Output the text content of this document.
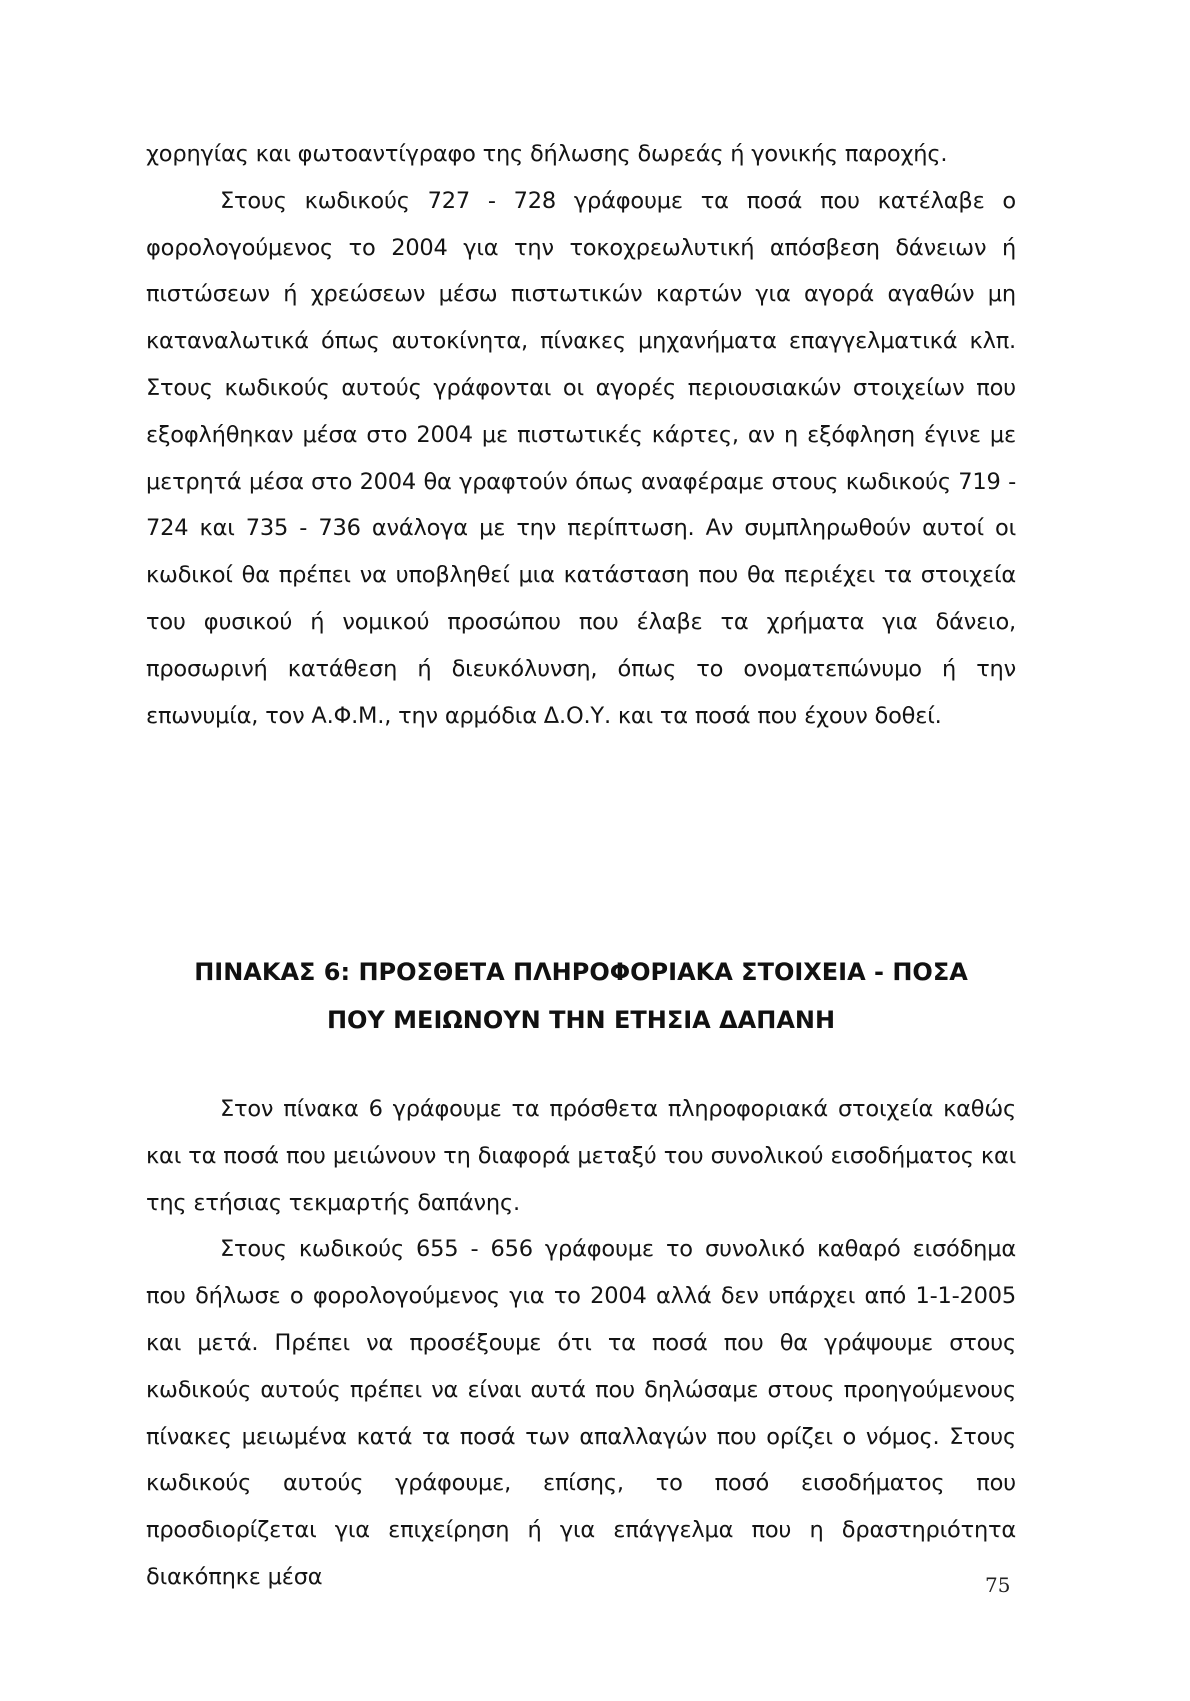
χορηγίας και φωτοαντίγραφο της δήλωσης δωρεάς ή γονικής παροχής.

Στους κωδικούς 727 - 728 γράφουμε τα ποσά που κατέλαβε ο φορολογούμενος το 2004 για την τοκοχρεωλυτική απόσβεση δάνειων ή πιστώσεων ή χρεώσεων μέσω πιστωτικών καρτών για αγορά αγαθών μη καταναλωτικά όπως αυτοκίνητα, πίνακες μηχανήματα επαγγελματικά κλπ. Στους κωδικούς αυτούς γράφονται οι αγορές περιουσιακών στοιχείων που εξοφλήθηκαν μέσα στο 2004 με πιστωτικές κάρτες, αν η εξόφληση έγινε με μετρητά μέσα στο 2004 θα γραφτούν όπως αναφέραμε στους κωδικούς 719 - 724 και 735 - 736 ανάλογα με την περίπτωση. Αν συμπληρωθούν αυτοί οι κωδικοί θα πρέπει να υποβληθεί μια κατάσταση που θα περιέχει τα στοιχεία του φυσικού ή νομικού προσώπου που έλαβε τα χρήματα για δάνειο, προσωρινή κατάθεση ή διευκόλυνση, όπως το ονοματεπώνυμο ή την επωνυμία, τον Α.Φ.Μ., την αρμόδια Δ.Ο.Υ. και τα ποσά που έχουν δοθεί.

ΠΙΝΑΚΑΣ 6: ΠΡΟΣΘΕΤΑ ΠΛΗΡΟΦΟΡΙΑΚΑ ΣΤΟΙΧΕΙΑ - ΠΟΣΑ
ΠΟΥ ΜΕΙΩΝΟΥΝ ΤΗΝ ΕΤΗΣΙΑ ΔΑΠΑΝΗ

Στον πίνακα 6 γράφουμε τα πρόσθετα πληροφοριακά στοιχεία καθώς και τα ποσά που μειώνουν τη διαφορά μεταξύ του συνολικού εισοδήματος και της ετήσιας τεκμαρτής δαπάνης.

Στους κωδικούς 655 - 656 γράφουμε το συνολικό καθαρό εισόδημα που δήλωσε ο φορολογούμενος για το 2004 αλλά δεν υπάρχει από 1-1-2005 και μετά. Πρέπει να προσέξουμε ότι τα ποσά που θα γράψουμε στους κωδικούς αυτούς πρέπει να είναι αυτά που δηλώσαμε στους προηγούμενους πίνακες μειωμένα κατά τα ποσά των απαλλαγών που ορίζει ο νόμος. Στους κωδικούς αυτούς γράφουμε, επίσης, το ποσό εισοδήματος που προσδιορίζεται για επιχείρηση ή για επάγγελμα που η δραστηριότητα διακόπηκε μέσα	75
